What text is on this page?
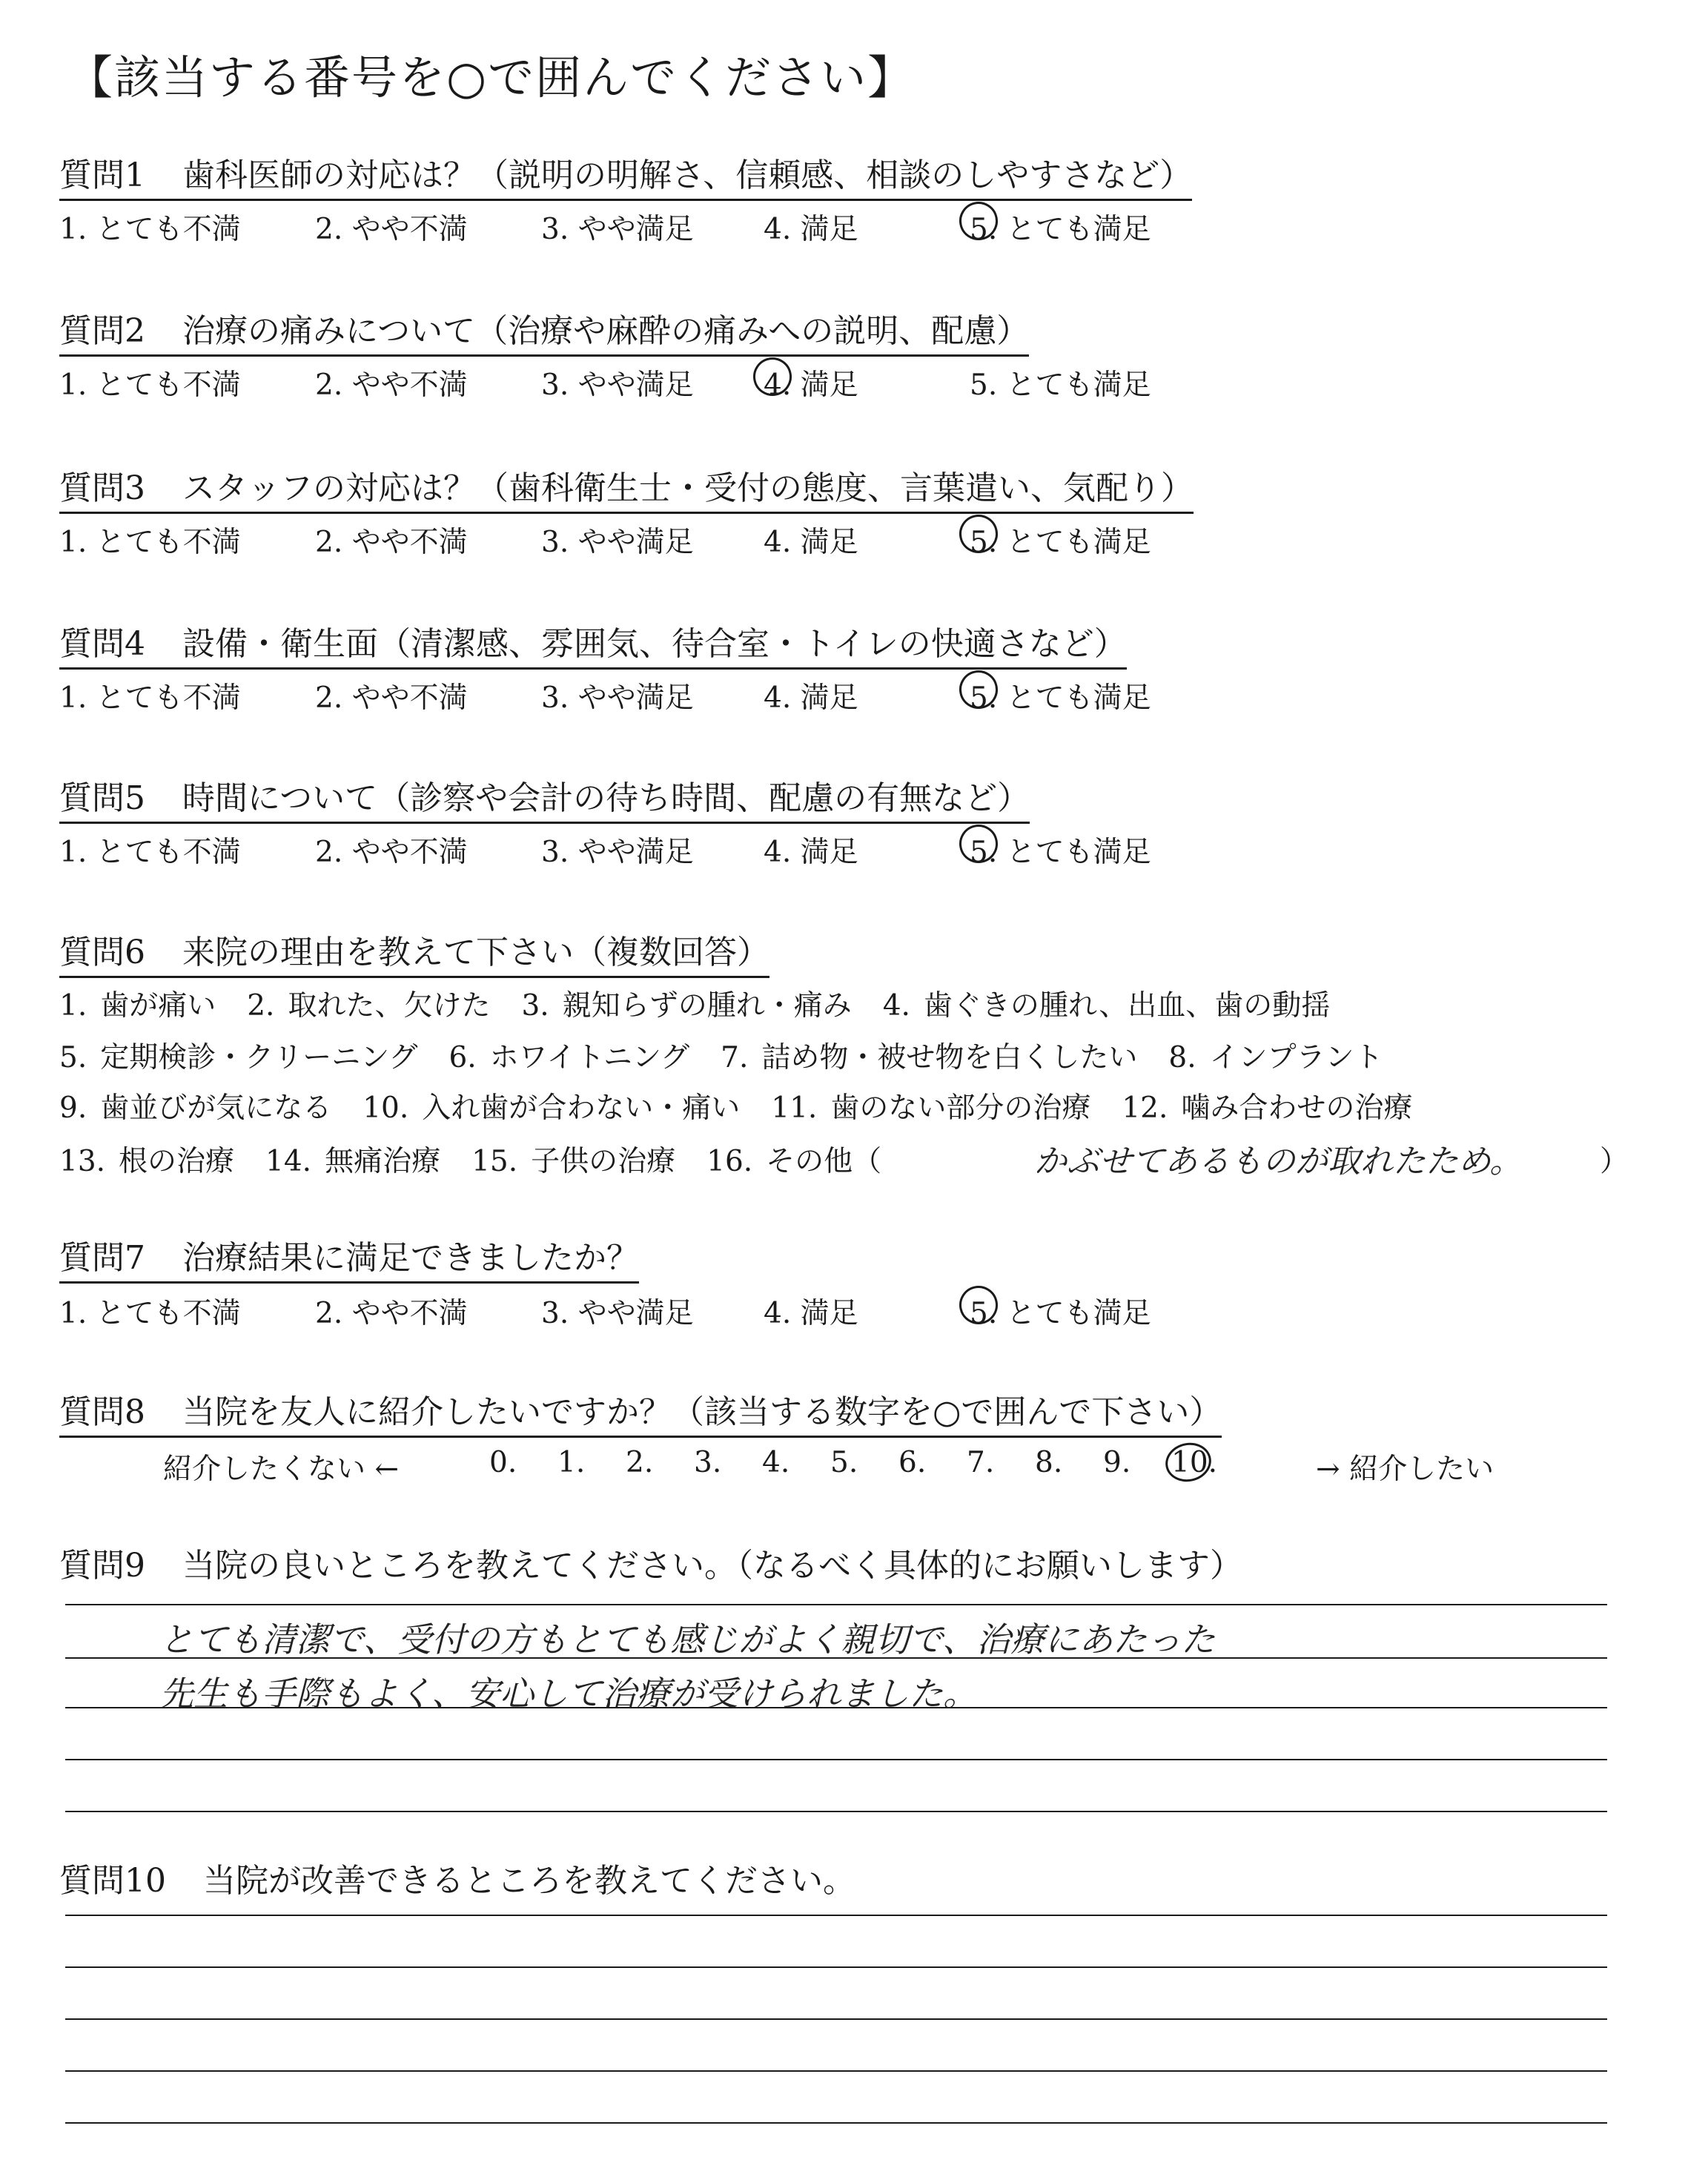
【該当する番号を○で囲んでください】
質問1 歯科医師の対応は？（説明の明解さ、信頼感、相談のしやすさなど）
1. とても不満	2. やや不満	3. やや満足 4. 満足	5. とても満足
質問2 治療の痛みについて（治療や麻酔の痛みへの説明、配慮）
1. とても不満	2. やや不満	3. やや満足 4. 満足	5. とても満足
質問3 スタッフの対応は？（歯科衛生士・受付の態度、言葉遣い、気配り）
1. とても不満	2. やや不満	3. やや満足 4. 満足	5. とても満足
質問4 設備・衛生面（清潔感、雰囲気、待合室・トイレの快適さなど）
1. とても不満	2. やや不満	3. やや満足 4. 満足	5. とても満足
質問5 時間について（診察や会計の待ち時間、配慮の有無など）
1. とても不満	2. やや不満	3. やや満足 4. 満足	5. とても満足
質問6 来院の理由を教えて下さい（複数回答）
1. 歯が痛い 2. 取れた、欠けた 3. 親知らずの腫れ・痛み 4. 歯ぐきの腫れ、出血、歯の動揺
5. 定期検診・クリーニング 6. ホワイトニング 7. 詰め物・被せ物を白くしたい 8. インプラント
9. 歯並びが気になる 10. 入れ歯が合わない・痛い 11. 歯のない部分の治療 12. 噛み合わせの治療
13. 根の治療 14. 無痛治療 15. 子供の治療 16. その他（	かぶせてあるものが取れたため。	）
質問7 治療結果に満足できましたか？
1. とても不満	2. やや不満	3. やや満足 4. 満足	5. とても満足
質問8 当院を友人に紹介したいですか？（該当する数字を○で囲んで下さい）
紹介したくない ←	→ 紹介したい
0. 1. 2. 3. 4. 5. 6. 7. 8. 9. 10.
質問9 当院の良いところを教えてください。（なるべく具体的にお願いします）
とても清潔で、受付の方もとても感じがよく親切で、治療にあたった
先生も手際もよく、安心して治療が受けられました。
質問10 当院が改善できるところを教えてください。
